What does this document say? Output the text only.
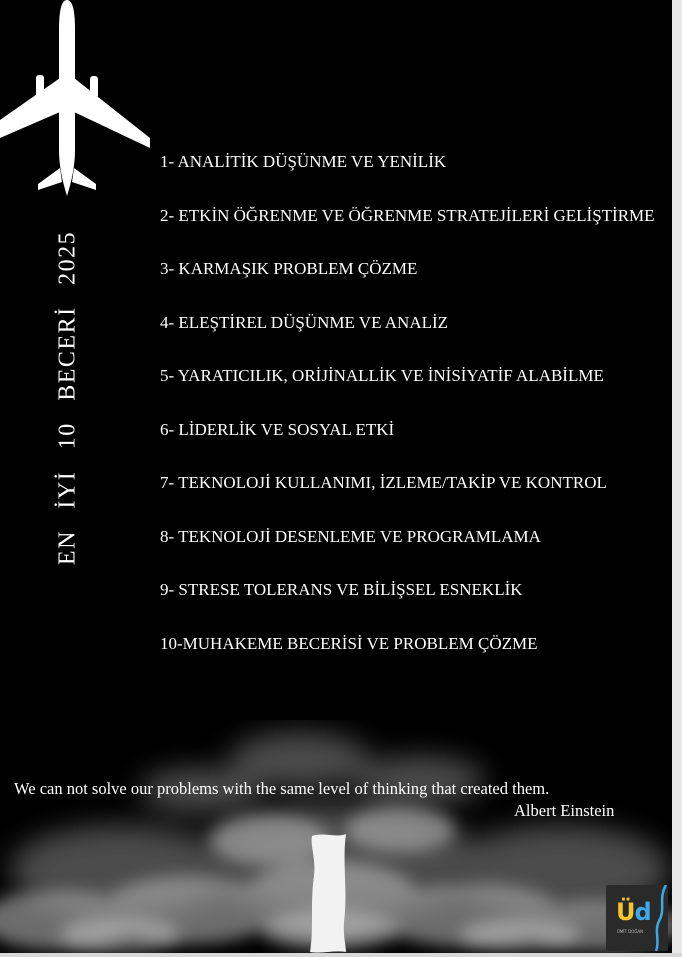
EN İYİ 10 BECERİ 2025
1- ANALİTİK DÜŞÜNME VE YENİLİK
2- ETKİN ÖĞRENME VE ÖĞRENME STRATEJİLERİ GELİŞTİRME
3- KARMAŞIK PROBLEM ÇÖZME
4- ELEŞTİREL DÜŞÜNME VE ANALİZ
5- YARATICILIK, ORİJİNALLİK VE İNİSİYATİF ALABİLME
6- LİDERLİK VE SOSYAL ETKİ
7- TEKNOLOJİ KULLANIMI, İZLEME/TAKİP VE KONTROL
8- TEKNOLOJİ DESENLEME VE PROGRAMLAMA
9- STRESE TOLERANS VE BİLİŞSEL ESNEKLİK
10-MUHAKEME BECERİSİ VE PROBLEM ÇÖZME
We can not solve our problems with the same level of thinking that created them.
Albert Einstein
Üd
ÜMİT DOĞAN
